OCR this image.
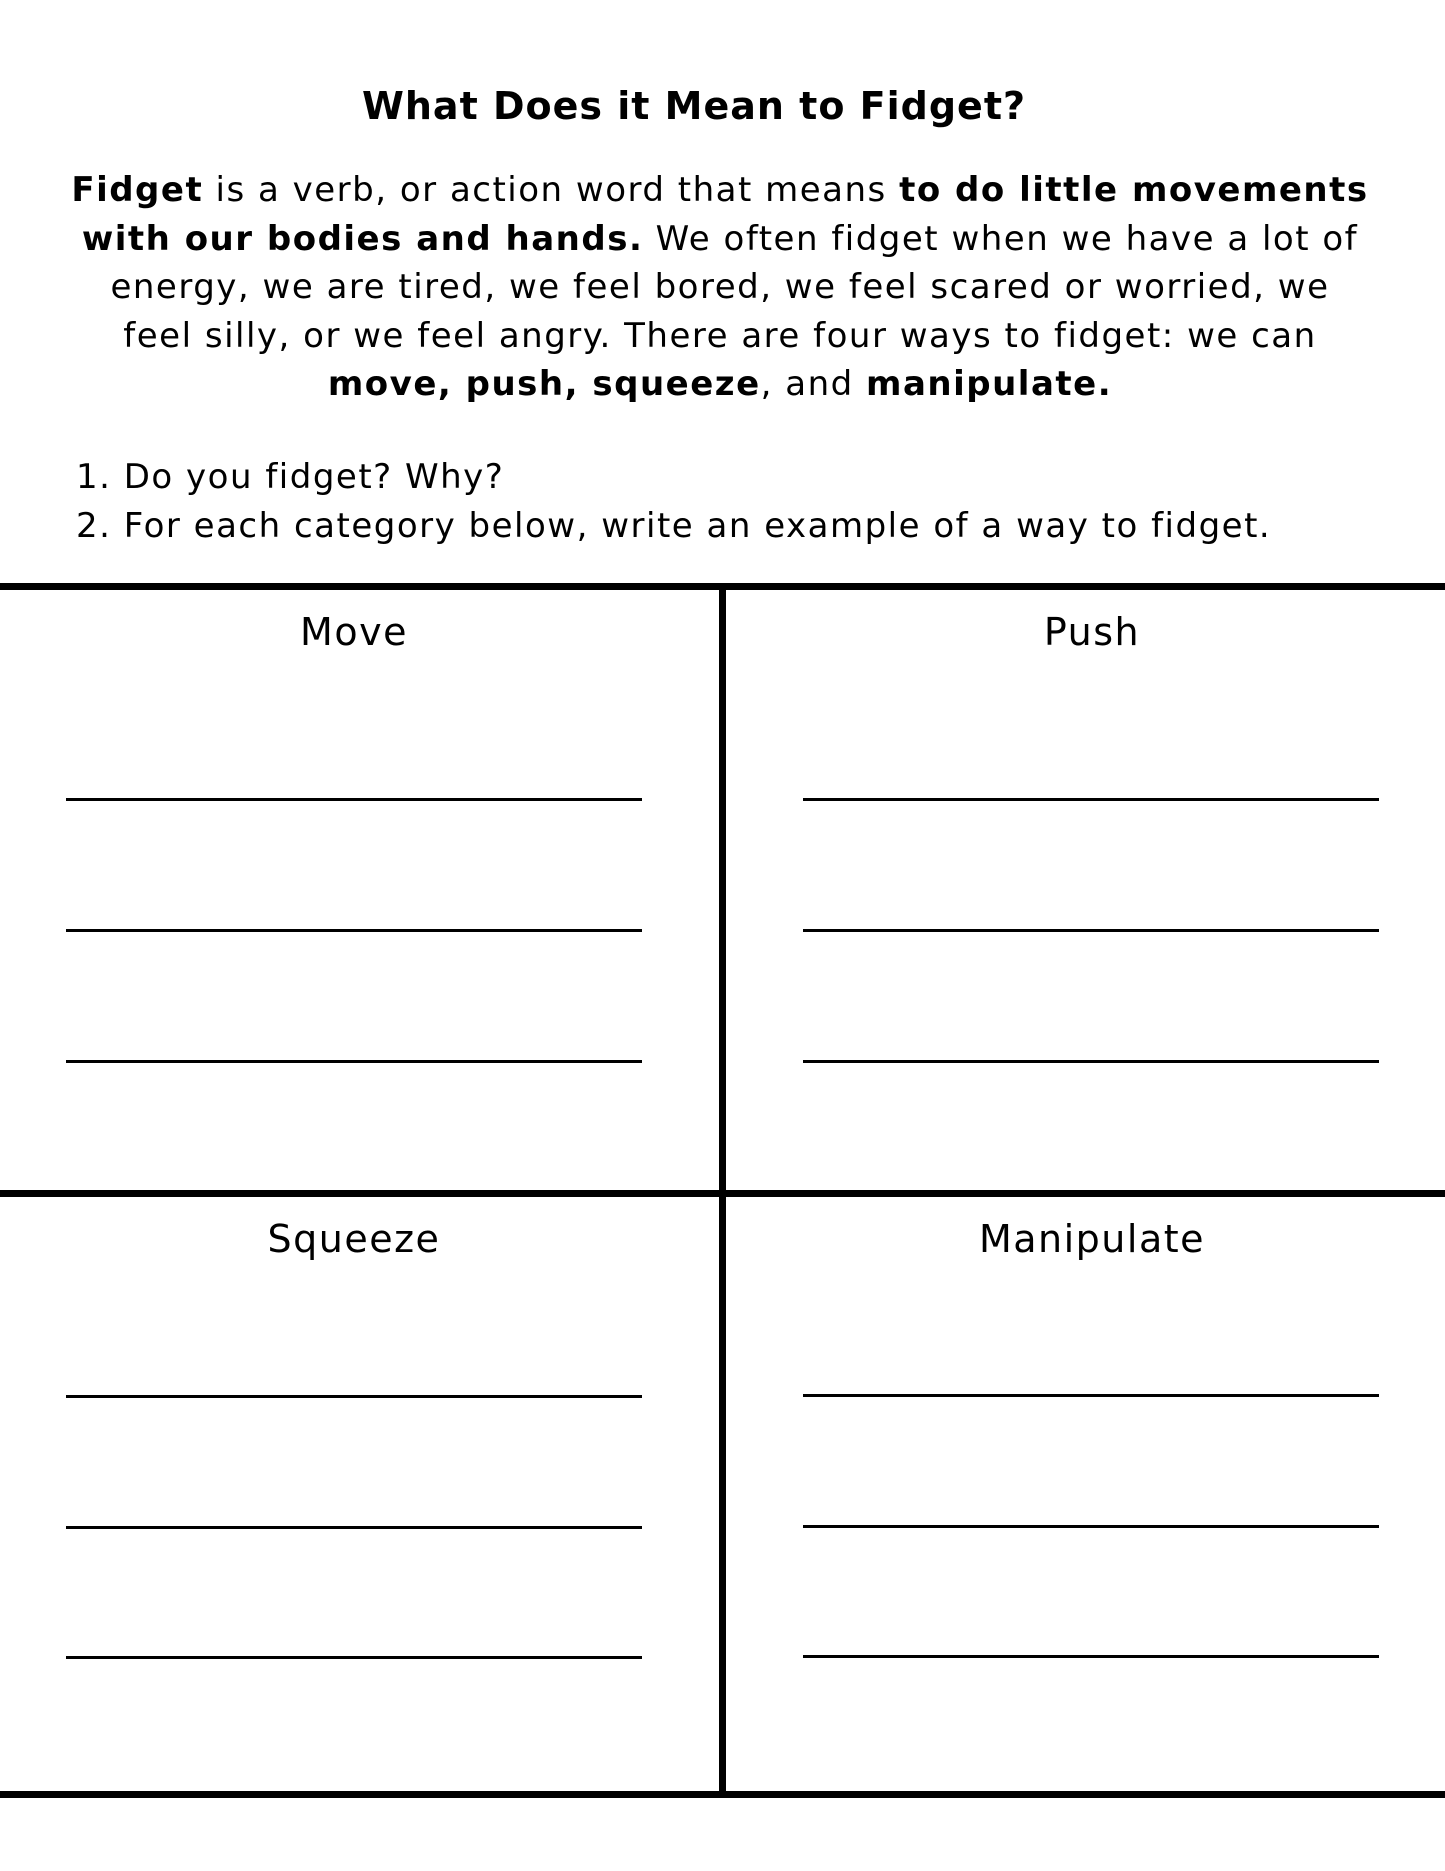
What Does it Mean to Fidget?

Fidget is a verb, or action word that means to do little movements with our bodies and hands. We often fidget when we have a lot of energy, we are tired, we feel bored, we feel scared or worried, we feel silly, or we feel angry. There are four ways to fidget: we can move, push, squeeze, and manipulate.

1. Do you fidget? Why?
2. For each category below, write an example of a way to fidget.
Move	Push
Squeeze	Manipulate
